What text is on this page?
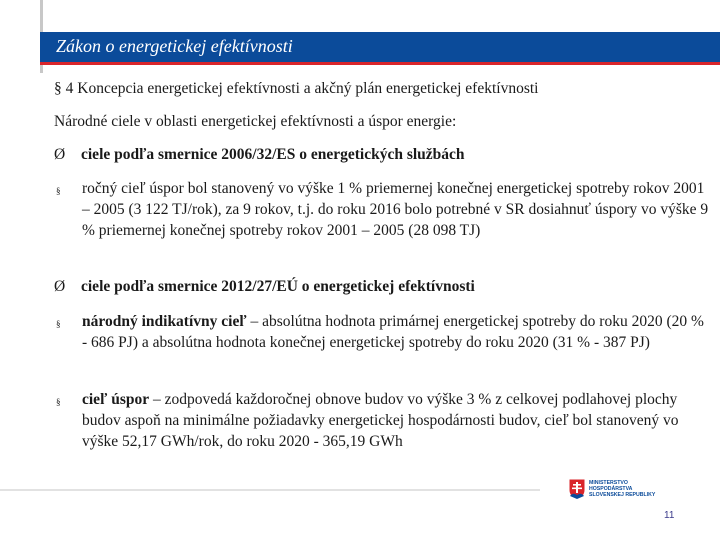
Zákon o energetickej efektívnosti
§ 4 Koncepcia energetickej efektívnosti a akčný plán energetickej efektívnosti
Národné ciele v oblasti energetickej efektívnosti a úspor energie:
Ø	ciele podľa smernice 2006/32/ES o energetických službách
§	ročný cieľ úspor bol stanovený vo výške 1 % priemernej konečnej energetickej spotreby rokov 2001 – 2005 (3 122 TJ/rok), za 9 rokov, t.j. do roku 2016 bolo potrebné v SR dosiahnuť úspory vo výške 9 % priemernej konečnej spotreby rokov 2001 – 2005 (28 098 TJ)
Ø	ciele podľa smernice 2012/27/EÚ o energetickej efektívnosti
§	národný indikatívny cieľ – absolútna hodnota primárnej energetickej spotreby do roku 2020 (20 % - 686 PJ) a absolútna hodnota konečnej energetickej spotreby do roku 2020 (31 % - 387 PJ)
§	cieľ úspor – zodpovedá každoročnej obnove budov vo výške 3 % z celkovej podlahovej plochy budov aspoň na minimálne požiadavky energetickej hospodárnosti budov, cieľ bol stanovený vo výške 52,17 GWh/rok, do roku 2020 - 365,19 GWh
MINISTERSTVO
HOSPODÁRSTVA
SLOVENSKEJ REPUBLIKY
11
